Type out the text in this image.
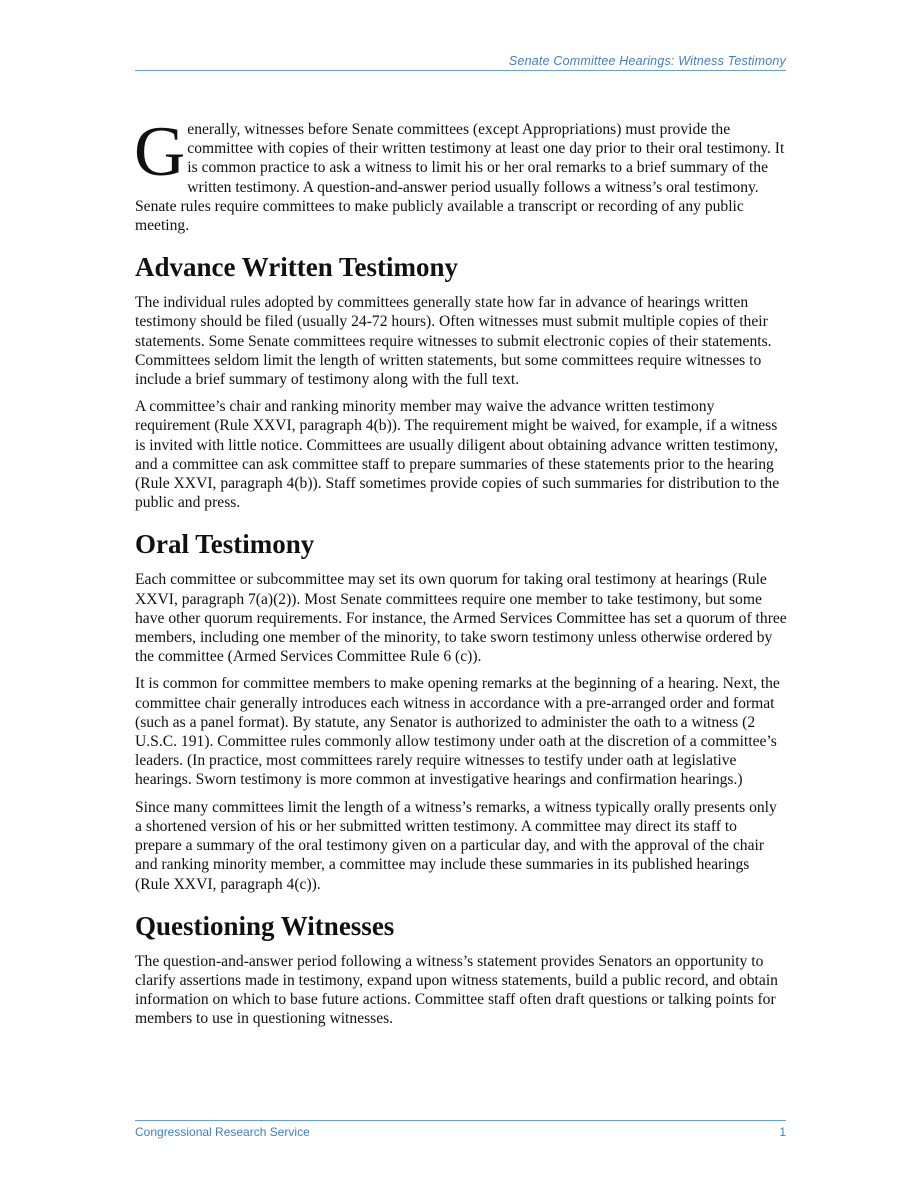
Senate Committee Hearings: Witness Testimony

Generally, witnesses before Senate committees (except Appropriations) must provide the committee with copies of their written testimony at least one day prior to their oral testimony. It is common practice to ask a witness to limit his or her oral remarks to a brief summary of the written testimony. A question-and-answer period usually follows a witness’s oral testimony. Senate rules require committees to make publicly available a transcript or recording of any public meeting.

Advance Written Testimony

The individual rules adopted by committees generally state how far in advance of hearings written testimony should be filed (usually 24-72 hours). Often witnesses must submit multiple copies of their statements. Some Senate committees require witnesses to submit electronic copies of their statements. Committees seldom limit the length of written statements, but some committees require witnesses to include a brief summary of testimony along with the full text.

A committee’s chair and ranking minority member may waive the advance written testimony requirement (Rule XXVI, paragraph 4(b)). The requirement might be waived, for example, if a witness is invited with little notice. Committees are usually diligent about obtaining advance written testimony, and a committee can ask committee staff to prepare summaries of these statements prior to the hearing (Rule XXVI, paragraph 4(b)). Staff sometimes provide copies of such summaries for distribution to the public and press.

Oral Testimony

Each committee or subcommittee may set its own quorum for taking oral testimony at hearings (Rule XXVI, paragraph 7(a)(2)). Most Senate committees require one member to take testimony, but some have other quorum requirements. For instance, the Armed Services Committee has set a quorum of three members, including one member of the minority, to take sworn testimony unless otherwise ordered by the committee (Armed Services Committee Rule 6 (c)).

It is common for committee members to make opening remarks at the beginning of a hearing. Next, the committee chair generally introduces each witness in accordance with a pre-arranged order and format (such as a panel format). By statute, any Senator is authorized to administer the oath to a witness (2 U.S.C. 191). Committee rules commonly allow testimony under oath at the discretion of a committee’s leaders. (In practice, most committees rarely require witnesses to testify under oath at legislative hearings. Sworn testimony is more common at investigative hearings and confirmation hearings.)

Since many committees limit the length of a witness’s remarks, a witness typically orally presents only a shortened version of his or her submitted written testimony. A committee may direct its staff to prepare a summary of the oral testimony given on a particular day, and with the approval of the chair and ranking minority member, a committee may include these summaries in its published hearings (Rule XXVI, paragraph 4(c)).

Questioning Witnesses

The question-and-answer period following a witness’s statement provides Senators an opportunity to clarify assertions made in testimony, expand upon witness statements, build a public record, and obtain information on which to base future actions. Committee staff often draft questions or talking points for members to use in questioning witnesses.

Congressional Research Service	1
